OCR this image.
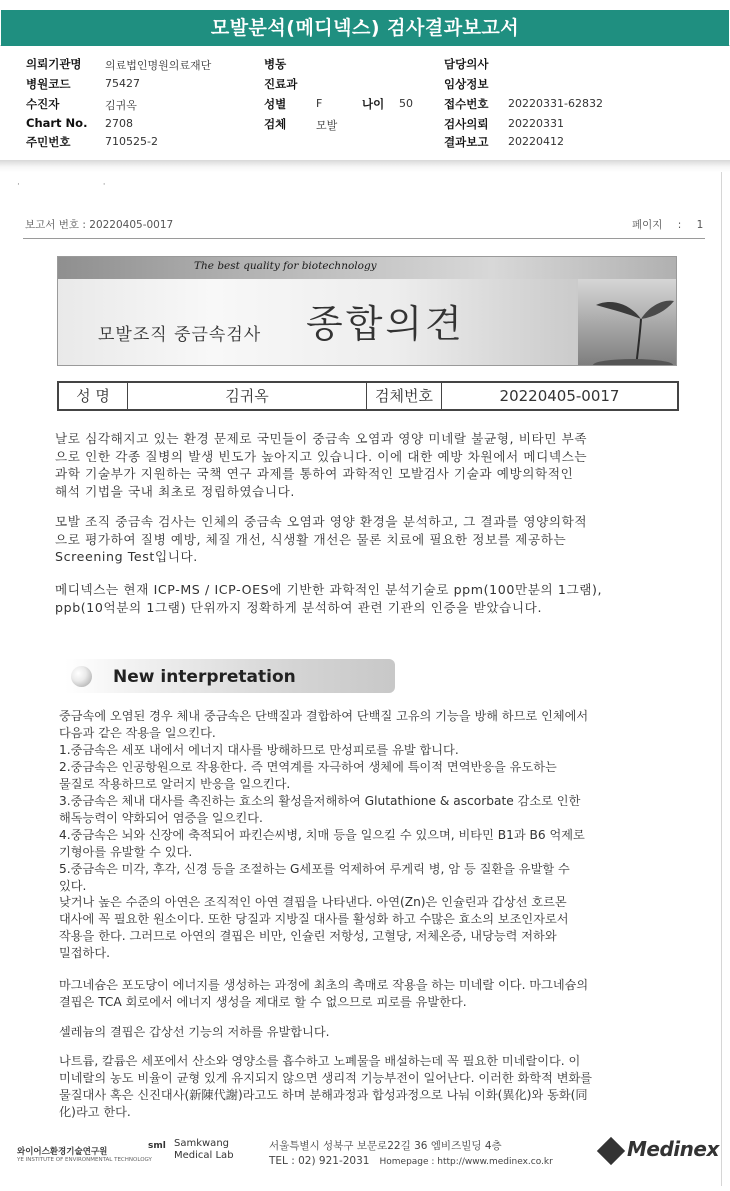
모발분석(메디넥스) 검사결과보고서
의뢰기관명 의료법인명원의료재단
병원코드	75427
수진자	김귀옥
Chart No. 2708
주민번호	710525-2
병동
진료과
성별	F	나이 50
검체	모발
담당의사
임상정보
접수번호 20220331-62832
검사의뢰 20220331
결과보고 20220412
· ·
보고서 번호 : 20220405-0017	페이지 : 1
The best quality for biotechnology
모발조직 중금속검사 종합의견
성 명	김귀옥	검체번호	20220405-0017
날로 심각해지고 있는 환경 문제로 국민들이 중금속 오염과 영양 미네랄 불균형, 비타민 부족
으로 인한 각종 질병의 발생 빈도가 높아지고 있습니다. 이에 대한 예방 차원에서 메디넥스는
과학 기술부가 지원하는 국책 연구 과제를 통하여 과학적인 모발검사 기술과 예방의학적인
해석 기법을 국내 최초로 정립하였습니다.
모발 조직 중금속 검사는 인체의 중금속 오염과 영양 환경을 분석하고, 그 결과를 영양의학적
으로 평가하여 질병 예방, 체질 개선, 식생활 개선은 물론 치료에 필요한 정보를 제공하는
Screening Test입니다.
메디넥스는 현재 ICP-MS / ICP-OES에 기반한 과학적인 분석기술로 ppm(100만분의 1그램),
ppb(10억분의 1그램) 단위까지 정확하게 분석하여 관련 기관의 인증을 받았습니다.
New interpretation
중금속에 오염된 경우 체내 중금속은 단백질과 결합하여 단백질 고유의 기능을 방해 하므로 인체에서
다음과 같은 작용을 일으킨다.
1.중금속은 세포 내에서 에너지 대사를 방해하므로 만성피로를 유발 합니다.
2.중금속은 인공항원으로 작용한다. 즉 면역계를 자극하여 생체에 특이적 면역반응을 유도하는
물질로 작용하므로 알러지 반응을 일으킨다.
3.중금속은 체내 대사를 촉진하는 효소의 활성을저해하여 Glutathione & ascorbate 감소로 인한
해독능력이 약화되어 염증을 일으킨다.
4.중금속은 뇌와 신장에 축적되어 파킨슨씨병, 치매 등을 일으킬 수 있으며, 비타민 B1과 B6 억제로
기형아를 유발할 수 있다.
5.중금속은 미각, 후각, 신경 등을 조절하는 G세포를 억제하여 루게릭 병, 암 등 질환을 유발할 수
있다.
낮거나 높은 수준의 아연은 조직적인 아연 결핍을 나타낸다. 아연(Zn)은 인슐린과 갑상선 호르몬
대사에 꼭 필요한 원소이다. 또한 당질과 지방질 대사를 활성화 하고 수많은 효소의 보조인자로서
작용을 한다. 그러므로 아연의 결핍은 비만, 인슐린 저항성, 고혈당, 저체온증, 내당능력 저하와
밀접하다.
마그네슘은 포도당이 에너지를 생성하는 과정에 최초의 촉매로 작용을 하는 미네랄 이다. 마그네슘의
결핍은 TCA 회로에서 에너지 생성을 제대로 할 수 없으므로 피로를 유발한다.
셀레늄의 결핍은 갑상선 기능의 저하를 유발합니다.
나트륨, 칼륨은 세포에서 산소와 영양소를 흡수하고 노폐물을 배설하는데 꼭 필요한 미네랄이다. 이
미네랄의 농도 비율이 균형 있게 유지되지 않으면 생리적 기능부전이 일어난다. 이러한 화학적 변화를
물질대사 혹은 신진대사(新陳代謝)라고도 하며 분해과정과 합성과정으로 나눠 이화(異化)와 동화(同
化)라고 한다.
와이어스환경기술연구원
YE INSTITUTE OF ENVIRONMENTAL TECHNOLOGY
sml Samkwang
Medical Lab
서울특별시 성북구 보문로22길 36 엠비즈빌딩 4층
TEL : 02) 921-2031 Homepage : http://www.medinex.co.kr
Medinex
